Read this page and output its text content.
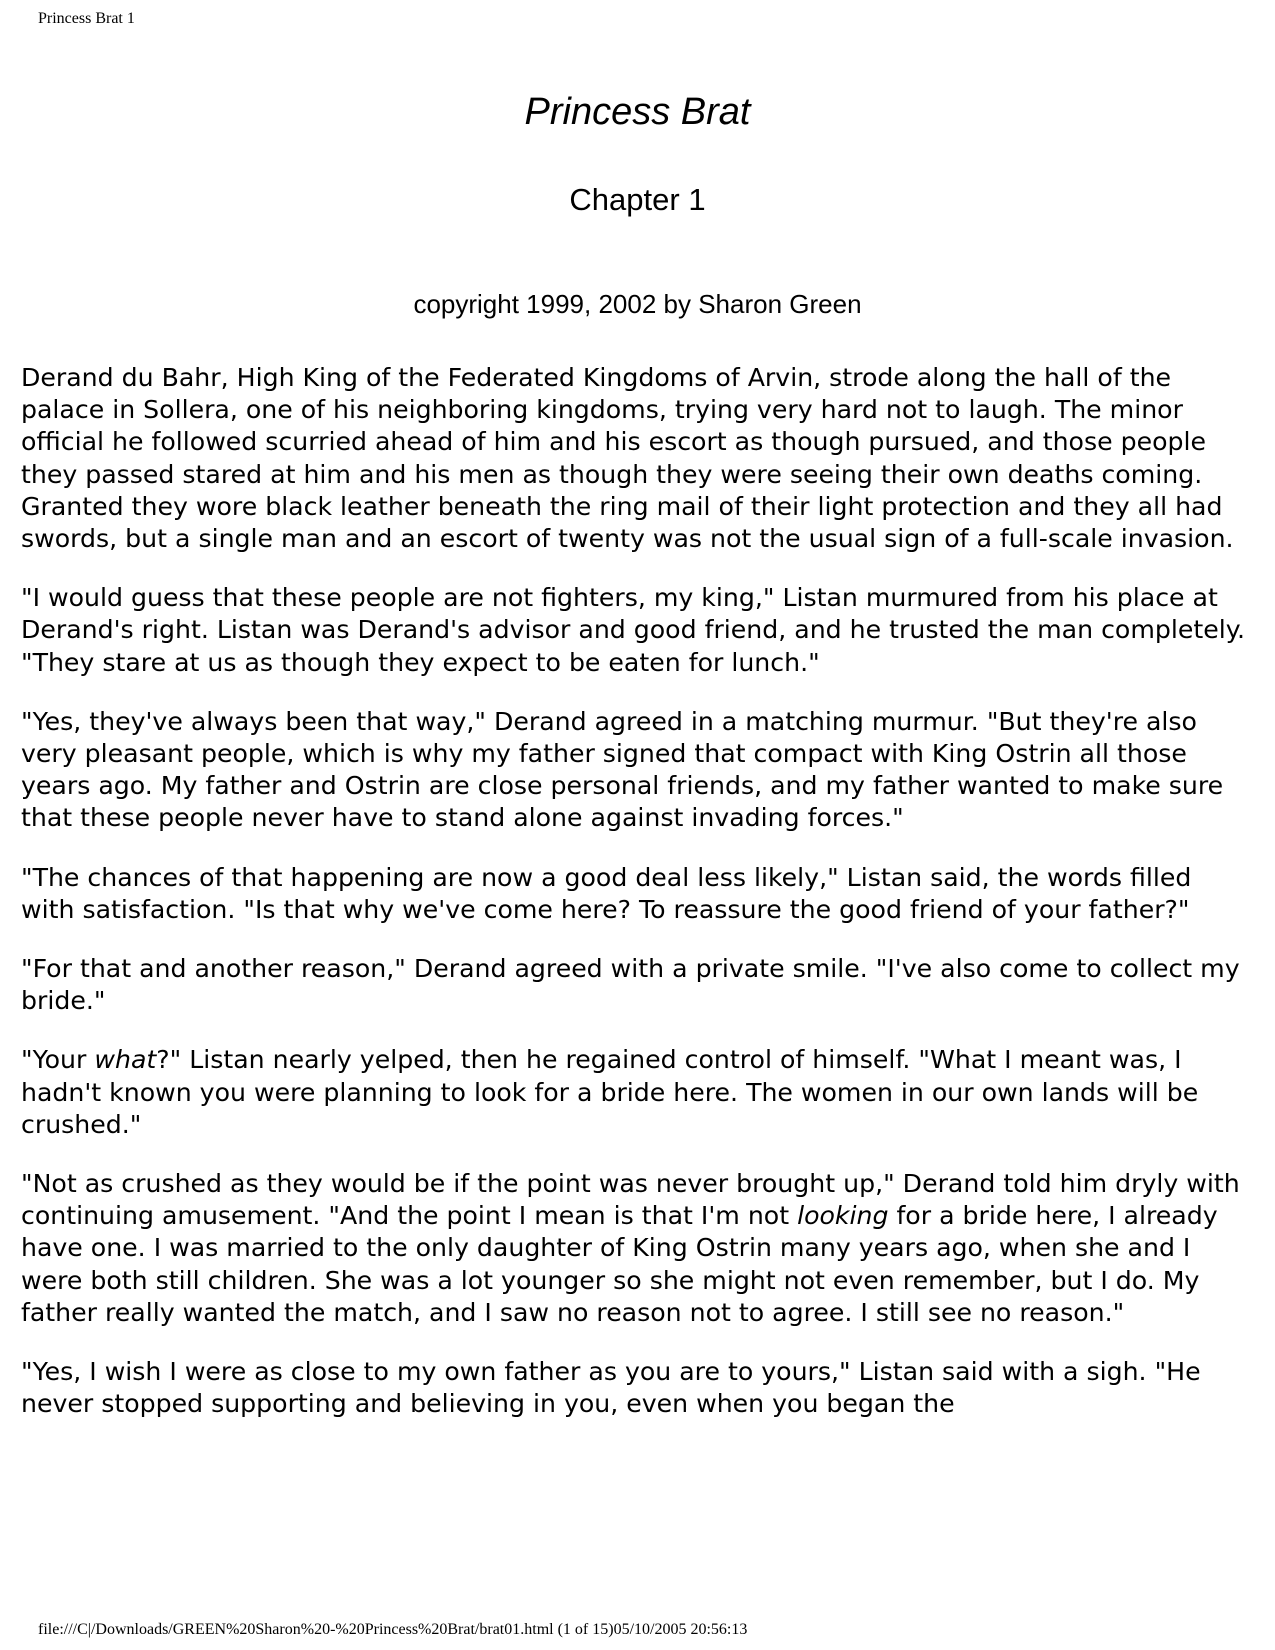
Princess Brat 1
Princess Brat
Chapter 1
copyright 1999, 2002 by Sharon Green

Derand du Bahr, High King of the Federated Kingdoms of Arvin, strode along the hall of the palace in Sollera, one of his neighboring kingdoms, trying very hard not to laugh. The minor official he followed scurried ahead of him and his escort as though pursued, and those people they passed stared at him and his men as though they were seeing their own deaths coming. Granted they wore black leather beneath the ring mail of their light protection and they all had swords, but a single man and an escort of twenty was not the usual sign of a full-scale invasion.

"I would guess that these people are not fighters, my king," Listan murmured from his place at Derand's right. Listan was Derand's advisor and good friend, and he trusted the man completely. "They stare at us as though they expect to be eaten for lunch."

"Yes, they've always been that way," Derand agreed in a matching murmur. "But they're also very pleasant people, which is why my father signed that compact with King Ostrin all those years ago. My father and Ostrin are close personal friends, and my father wanted to make sure that these people never have to stand alone against invading forces."

"The chances of that happening are now a good deal less likely," Listan said, the words filled with satisfaction. "Is that why we've come here? To reassure the good friend of your father?"

"For that and another reason," Derand agreed with a private smile. "I've also come to collect my bride."

"Your what?" Listan nearly yelped, then he regained control of himself. "What I meant was, I hadn't known you were planning to look for a bride here. The women in our own lands will be crushed."

"Not as crushed as they would be if the point was never brought up," Derand told him dryly with continuing amusement. "And the point I mean is that I'm not looking for a bride here, I already have one. I was married to the only daughter of King Ostrin many years ago, when she and I were both still children. She was a lot younger so she might not even remember, but I do. My father really wanted the match, and I saw no reason not to agree. I still see no reason."

"Yes, I wish I were as close to my own father as you are to yours," Listan said with a sigh. "He never stopped supporting and believing in you, even when you began the

file:///C|/Downloads/GREEN%20Sharon%20-%20Princess%20Brat/brat01.html (1 of 15)05/10/2005 20:56:13
